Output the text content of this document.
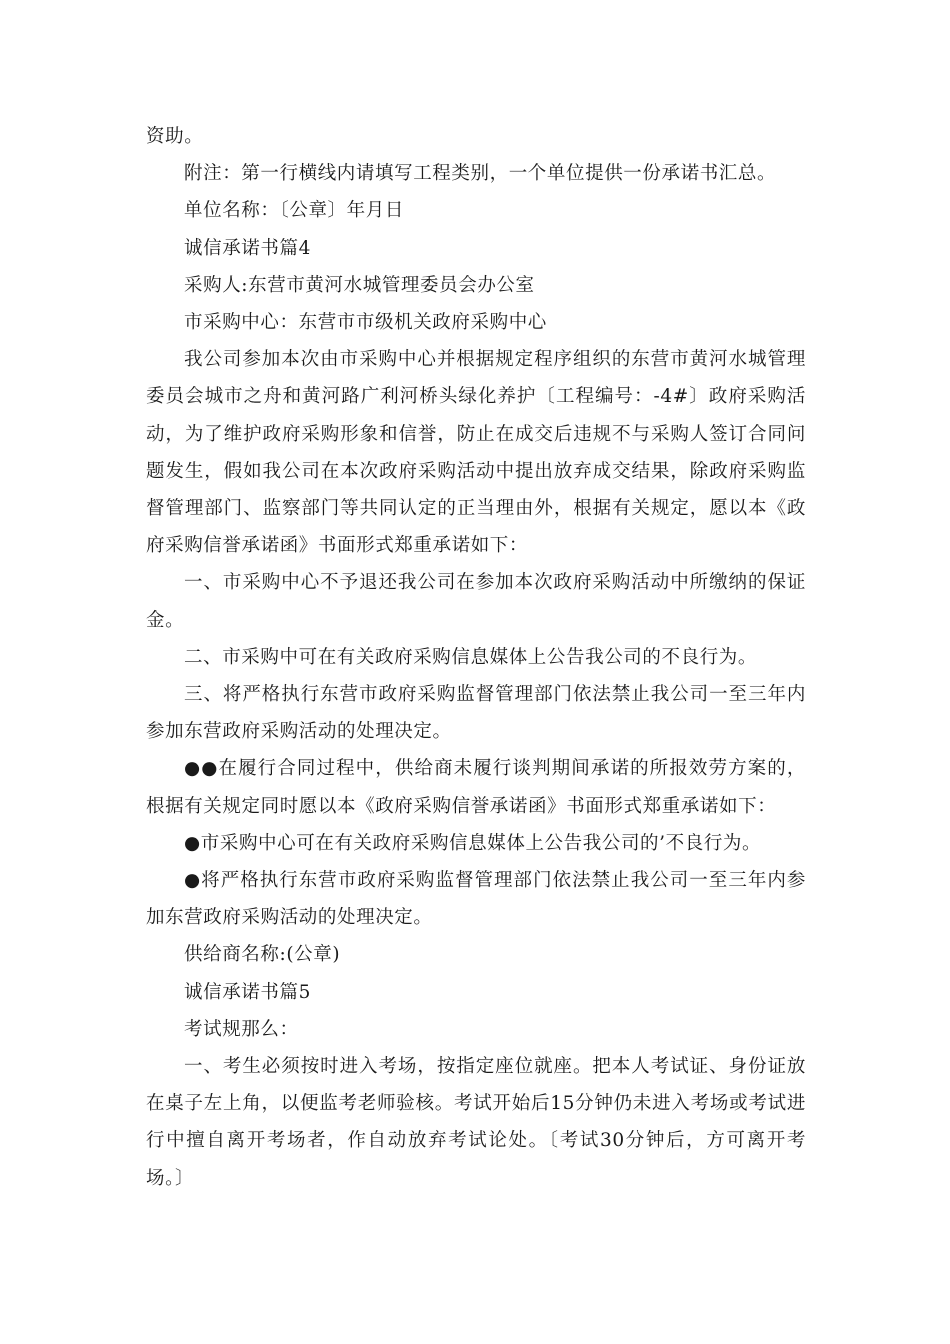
资助。

附注：第一行横线内请填写工程类别，一个单位提供一份承诺书汇总。

单位名称：〔公章〕年月日

诚信承诺书篇4

采购人:东营市黄河水城管理委员会办公室

市采购中心：东营市市级机关政府采购中心

我公司参加本次由市采购中心并根据规定程序组织的东营市黄河水城管理委员会城市之舟和黄河路广利河桥头绿化养护〔工程编号：-4#〕政府采购活动，为了维护政府采购形象和信誉，防止在成交后违规不与采购人签订合同问题发生，假如我公司在本次政府采购活动中提出放弃成交结果，除政府采购监督管理部门、监察部门等共同认定的正当理由外，根据有关规定，愿以本《政府采购信誉承诺函》书面形式郑重承诺如下：

一、市采购中心不予退还我公司在参加本次政府采购活动中所缴纳的保证金。

二、市采购中可在有关政府采购信息媒体上公告我公司的不良行为。

三、将严格执行东营市政府采购监督管理部门依法禁止我公司一至三年内参加东营政府采购活动的处理决定。

●●在履行合同过程中，供给商未履行谈判期间承诺的所报效劳方案的，根据有关规定同时愿以本《政府采购信誉承诺函》书面形式郑重承诺如下：

●市采购中心可在有关政府采购信息媒体上公告我公司的’不良行为。

●将严格执行东营市政府采购监督管理部门依法禁止我公司一至三年内参加东营政府采购活动的处理决定。

供给商名称:(公章)

诚信承诺书篇5

考试规那么：

一、考生必须按时进入考场，按指定座位就座。把本人考试证、身份证放在桌子左上角，以便监考老师验核。考试开始后15分钟仍未进入考场或考试进行中擅自离开考场者，作自动放弃考试论处。〔考试30分钟后，方可离开考场。〕
